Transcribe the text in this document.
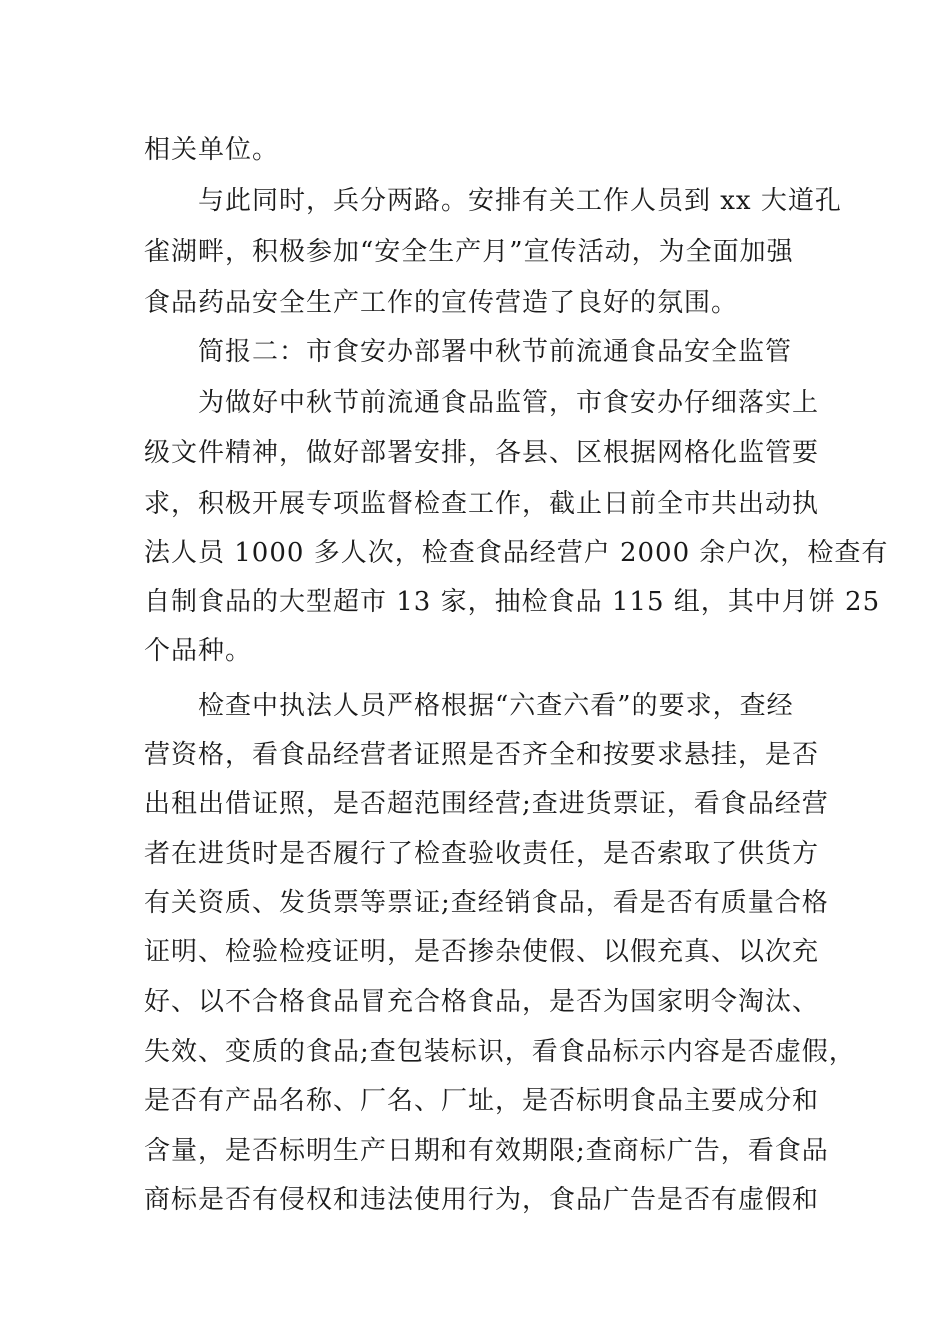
相关单位。
与此同时，兵分两路。安排有关工作人员到 xx 大道孔
雀湖畔，积极参加“安全生产月”宣传活动，为全面加强
食品药品安全生产工作的宣传营造了良好的氛围。
简报二：市食安办部署中秋节前流通食品安全监管
为做好中秋节前流通食品监管，市食安办仔细落实上
级文件精神，做好部署安排，各县、区根据网格化监管要
求，积极开展专项监督检查工作，截止日前全市共出动执
法人员 1000 多人次，检查食品经营户 2000 余户次，检查有
自制食品的大型超市 13 家，抽检食品 115 组，其中月饼 25
个品种。
检查中执法人员严格根据“六查六看”的要求，查经
营资格，看食品经营者证照是否齐全和按要求悬挂，是否
出租出借证照，是否超范围经营;查进货票证，看食品经营
者在进货时是否履行了检查验收责任，是否索取了供货方
有关资质、发货票等票证;查经销食品，看是否有质量合格
证明、检验检疫证明，是否掺杂使假、以假充真、以次充
好、以不合格食品冒充合格食品，是否为国家明令淘汰、
失效、变质的食品;查包装标识，看食品标示内容是否虚假，
是否有产品名称、厂名、厂址，是否标明食品主要成分和
含量，是否标明生产日期和有效期限;查商标广告，看食品
商标是否有侵权和违法使用行为，食品广告是否有虚假和
